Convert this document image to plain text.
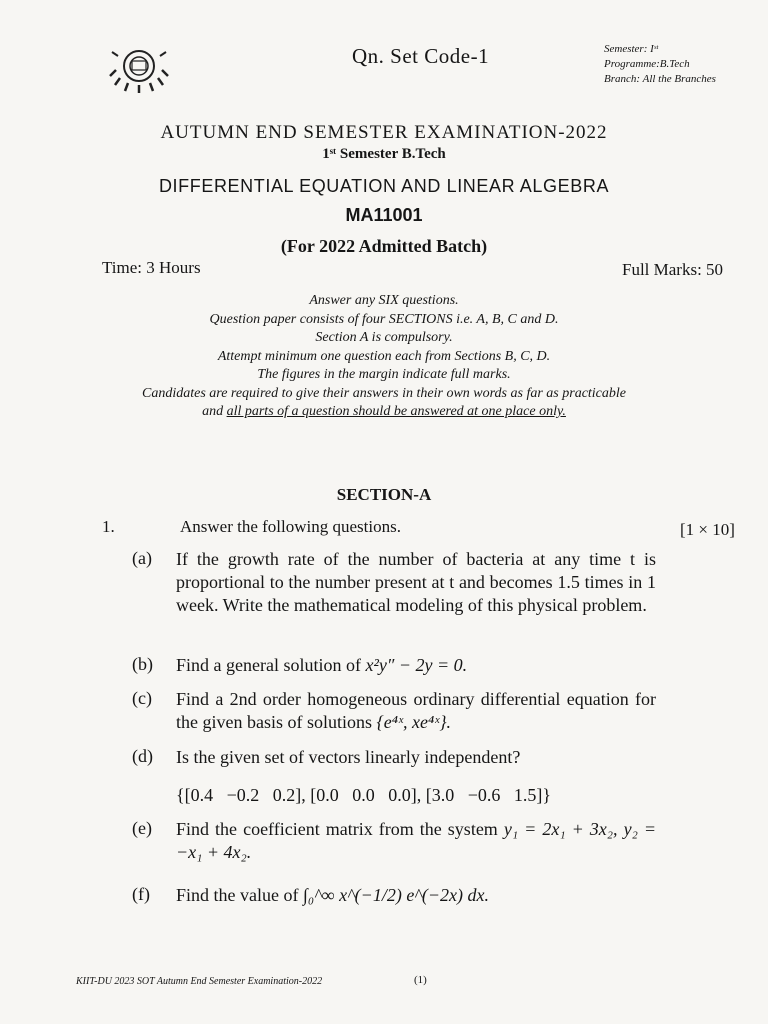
Qn. Set Code-1	Semester: Iˢᵗ
Programme:B.Tech
Branch: All the Branches
AUTUMN END SEMESTER EXAMINATION-2022
1ˢᵗ Semester B.Tech
DIFFERENTIAL EQUATION AND LINEAR ALGEBRA
MA11001
(For 2022 Admitted Batch)
Time: 3 Hours	Full Marks: 50
Answer any SIX questions.
Question paper consists of four SECTIONS i.e. A, B, C and D.
Section A is compulsory.
Attempt minimum one question each from Sections B, C, D.
The figures in the margin indicate full marks.
Candidates are required to give their answers in their own words as far as practicable
and all parts of a question should be answered at one place only.
SECTION-A
1.	Answer the following questions.	[1 × 10]
(a) If the growth rate of the number of bacteria at any time t is proportional to the number present at t and becomes 1.5 times in 1 week. Write the mathematical modeling of this physical problem.
(b) Find a general solution of x²y″ − 2y = 0.
(c) Find a 2nd order homogeneous ordinary differential equation for the given basis of solutions {e⁴ˣ, xe⁴ˣ}.
(d) Is the given set of vectors linearly independent?
{[0.4   −0.2   0.2], [0.0   0.0   0.0], [3.0   −0.6   1.5]}
(e) Find the coefficient matrix from the system y₁ = 2x₁ + 3x₂, y₂ = −x₁ + 4x₂.
(f) Find the value of ∫₀^∞ x^(−1/2) e^(−2x) dx.
KIIT-DU 2023 SOT Autumn End Semester Examination-2022	(1)
